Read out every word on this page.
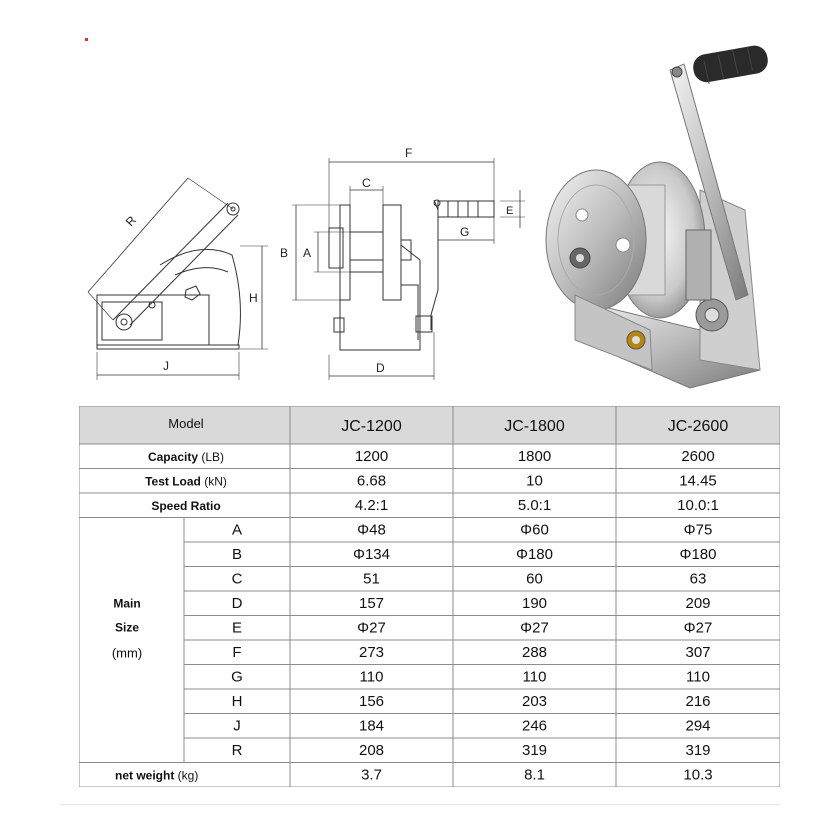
R
H
J
F
C
B A
G
E
D
Model	JC-1200	JC-1800	JC-2600
Capacity (LB)	1200	1800	2600
Test Load (kN)	6.68	10	14.45
Speed Ratio	4.2:1	5.0:1	10.0:1
A	Φ48	Φ60	Φ75
B	Φ134	Φ180	Φ180
C	51	60	63
D	157	190	209
E	Φ27	Φ27	Φ27
F	273	288	307
G	110	110	110
H	156	203	216
J	184	246	294
R	208	319	319
Main
Size
(mm)
net weight (kg)	3.7	8.1	10.3
